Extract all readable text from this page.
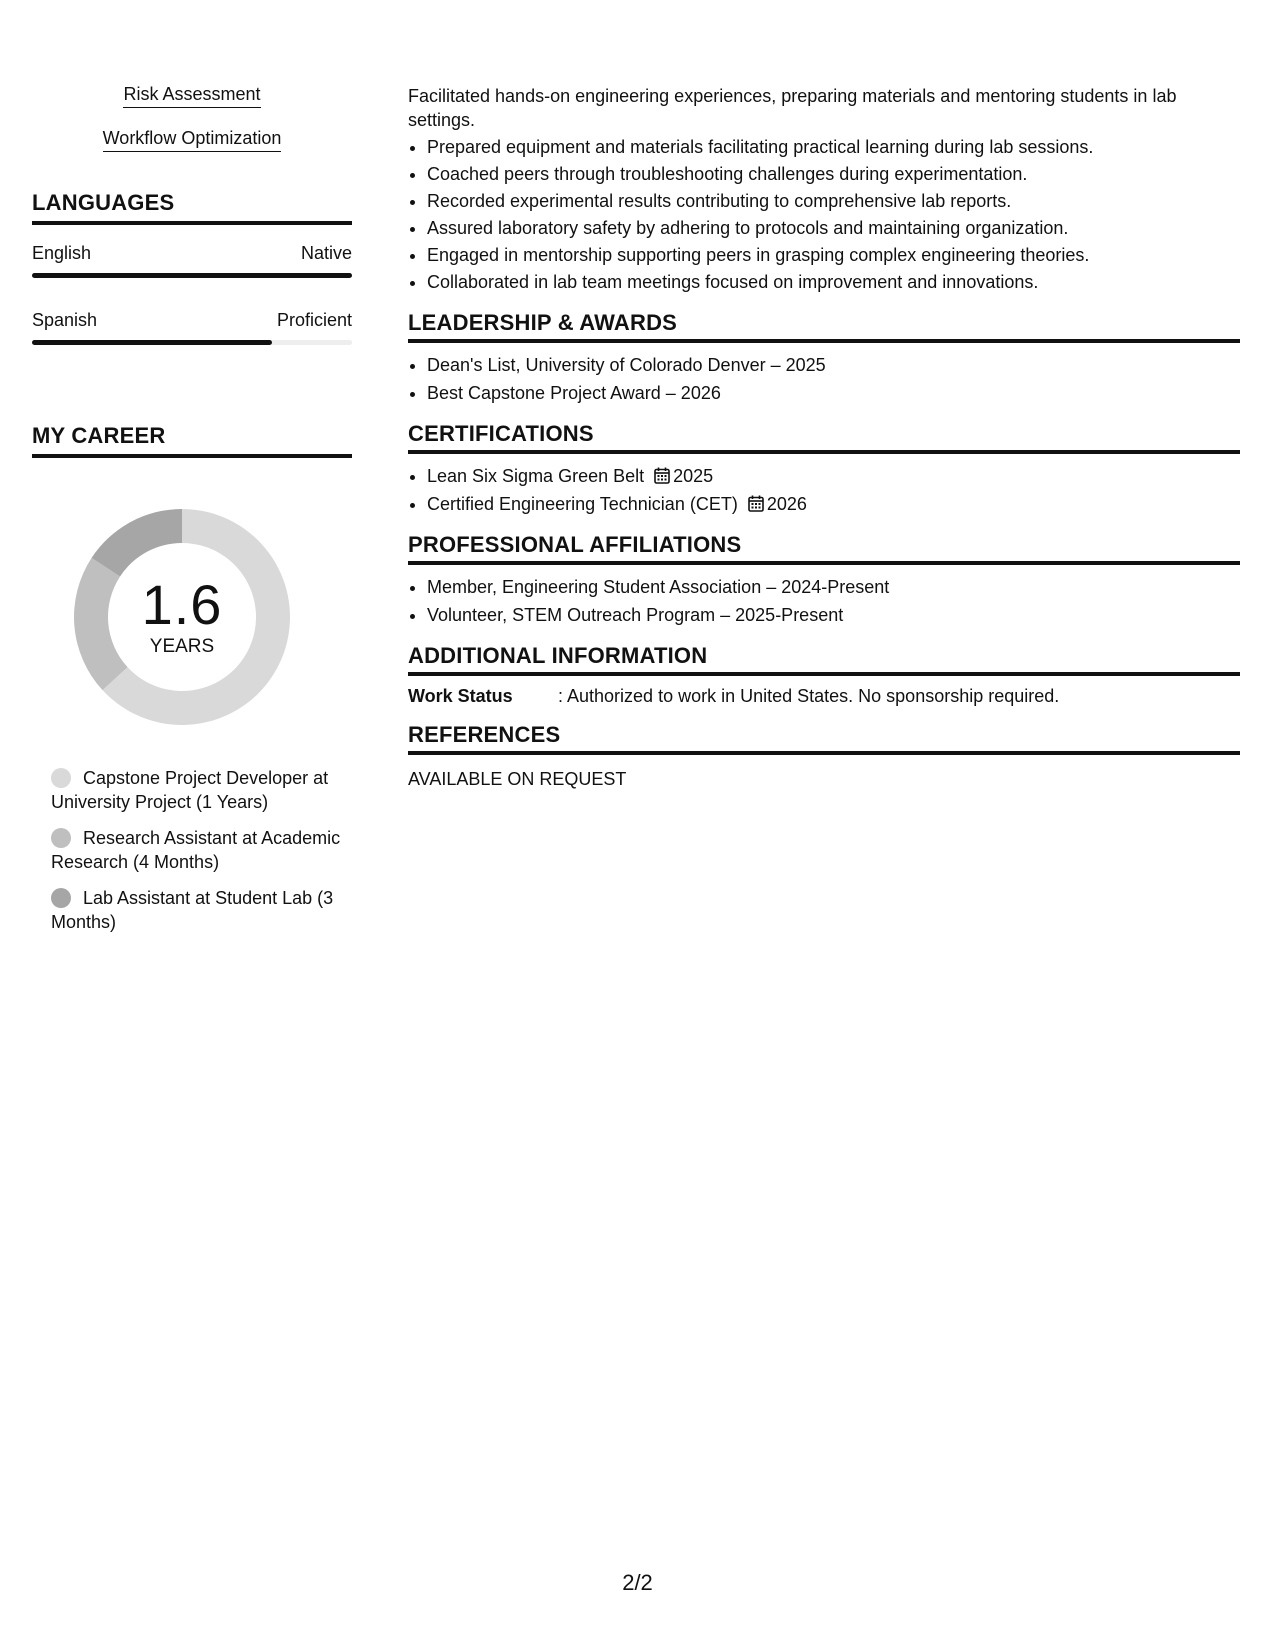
Risk Assessment
Workflow Optimization
LANGUAGES
English	Native
Spanish	Proficient
MY CAREER
1.6
YEARS
Capstone Project Developer at University Project (1 Years)
Research Assistant at Academic Research (4 Months)
Lab Assistant at Student Lab (3 Months)

Facilitated hands-on engineering experiences, preparing materials and mentoring students in lab settings.

• Prepared equipment and materials facilitating practical learning during lab sessions.
• Coached peers through troubleshooting challenges during experimentation.
• Recorded experimental results contributing to comprehensive lab reports.
• Assured laboratory safety by adhering to protocols and maintaining organization.
• Engaged in mentorship supporting peers in grasping complex engineering theories.
• Collaborated in lab team meetings focused on improvement and innovations.
LEADERSHIP & AWARDS
• Dean's List, University of Colorado Denver – 2025
• Best Capstone Project Award – 2026
CERTIFICATIONS
• Lean Six Sigma Green Belt 2025
• Certified Engineering Technician (CET) 2026
PROFESSIONAL AFFILIATIONS
• Member, Engineering Student Association – 2024-Present
• Volunteer, STEM Outreach Program – 2025-Present
ADDITIONAL INFORMATION
Work Status	: Authorized to work in United States. No sponsorship required.
REFERENCES
AVAILABLE ON REQUEST
2/2
